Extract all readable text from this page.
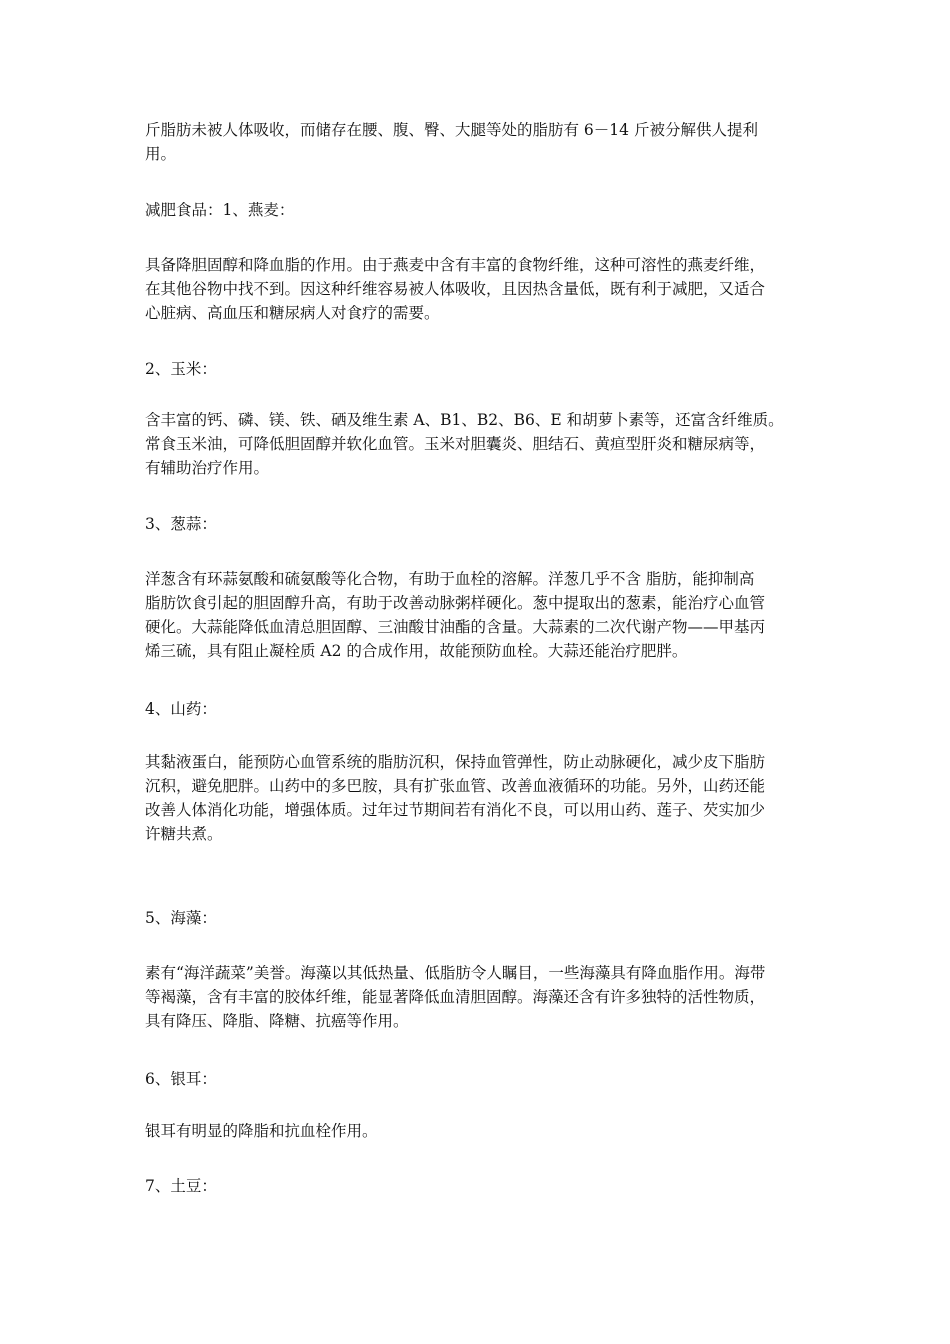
斤脂肪未被人体吸收，而储存在腰、腹、臀、大腿等处的脂肪有 6－14 斤被分解供人提利
用。

减肥食品：1、燕麦：

具备降胆固醇和降血脂的作用。由于燕麦中含有丰富的食物纤维，这种可溶性的燕麦纤维，
在其他谷物中找不到。因这种纤维容易被人体吸收，且因热含量低，既有利于减肥，又适合
心脏病、高血压和糖尿病人对食疗的需要。

2、玉米：

含丰富的钙、磷、镁、铁、硒及维生素 A、B1、B2、B6、E 和胡萝卜素等，还富含纤维质。
常食玉米油，可降低胆固醇并软化血管。玉米对胆囊炎、胆结石、黄疸型肝炎和糖尿病等，
有辅助治疗作用。

3、葱蒜：

洋葱含有环蒜氨酸和硫氨酸等化合物，有助于血栓的溶解。洋葱几乎不含 脂肪，能抑制高
脂肪饮食引起的胆固醇升高，有助于改善动脉粥样硬化。葱中提取出的葱素，能治疗心血管
硬化。大蒜能降低血清总胆固醇、三油酸甘油酯的含量。大蒜素的二次代谢产物——甲基丙
烯三硫，具有阻止凝栓质 A2 的合成作用，故能预防血栓。大蒜还能治疗肥胖。

4、山药：

其黏液蛋白，能预防心血管系统的脂肪沉积，保持血管弹性，防止动脉硬化，减少皮下脂肪
沉积，避免肥胖。山药中的多巴胺，具有扩张血管、改善血液循环的功能。另外，山药还能
改善人体消化功能，增强体质。过年过节期间若有消化不良，可以用山药、莲子、芡实加少
许糖共煮。

5、海藻：

素有“海洋蔬菜”美誉。海藻以其低热量、低脂肪令人瞩目，一些海藻具有降血脂作用。海带
等褐藻，含有丰富的胶体纤维，能显著降低血清胆固醇。海藻还含有许多独特的活性物质，
具有降压、降脂、降糖、抗癌等作用。

6、银耳：

银耳有明显的降脂和抗血栓作用。

7、土豆：
